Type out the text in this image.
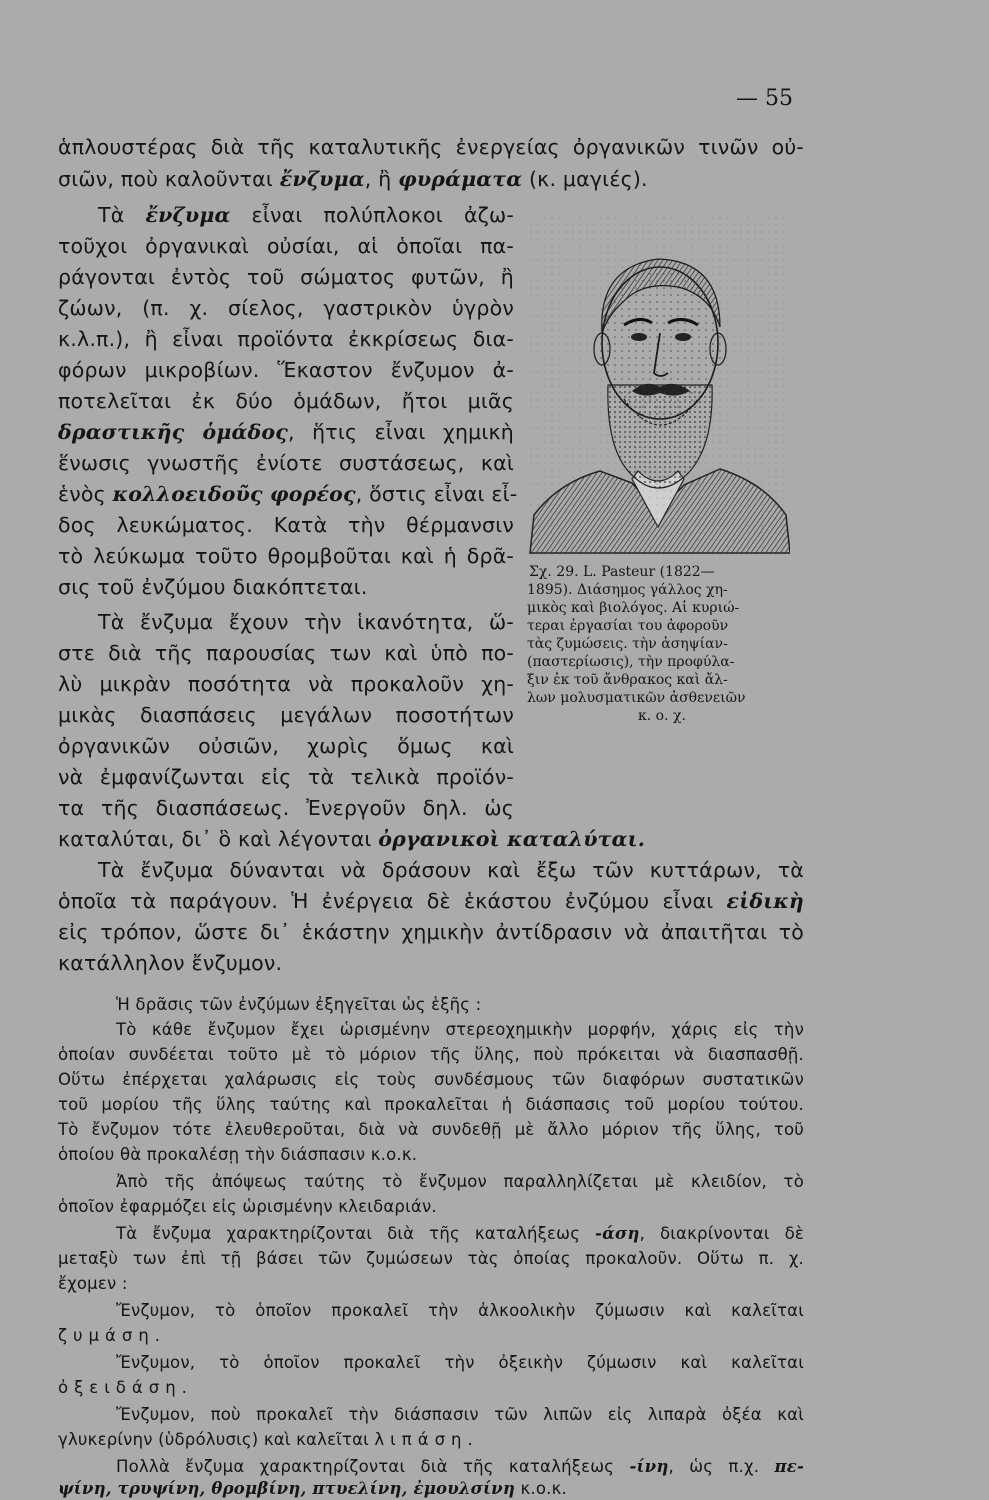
— 55
ἁπλουστέρας διὰ τῆς καταλυτικῆς ἐνεργείας ὀργανικῶν τινῶν οὐ-
σιῶν, ποὺ καλοῦνται ἔνζυμα, ἢ φυράματα (κ. μαγιές).
Τὰ ἔνζυμα εἶναι πολύπλοκοι ἀζω-
τοῦχοι ὀργανικαὶ οὐσίαι, αἱ ὁποῖαι πα-
ράγονται ἐντὸς τοῦ σώματος φυτῶν, ἢ
ζώων, (π. χ. σίελος, γαστρικὸν ὑγρὸν
κ.λ.π.), ἢ εἶναι προϊόντα ἐκκρίσεως δια-
φόρων μικροβίων. Ἕκαστον ἔνζυμον ἀ-
ποτελεῖται ἐκ δύο ὁμάδων, ἤτοι μιᾶς
δραστικῆς ὁμάδος, ἥτις εἶναι χημικὴ
ἕνωσις γνωστῆς ἐνίοτε συστάσεως, καὶ
ἑνὸς κολλοειδοῦς φορέος, ὅστις εἶναι εἶ-
δος λευκώματος. Κατὰ τὴν θέρμανσιν
τὸ λεύκωμα τοῦτο θρομβοῦται καὶ ἡ δρᾶ-
σις τοῦ ἐνζύμου διακόπτεται.
Τὰ ἔνζυμα ἔχουν τὴν ἱκανότητα, ὥ-
στε διὰ τῆς παρουσίας των καὶ ὑπὸ πο-
λὺ μικρὰν ποσότητα νὰ προκαλοῦν χη-
μικὰς διασπάσεις μεγάλων ποσοτήτων
ὀργανικῶν οὐσιῶν, χωρὶς ὅμως καὶ
νὰ ἐμφανίζωνται εἰς τὰ τελικὰ προϊόν-
τα τῆς διασπάσεως. Ἐνεργοῦν δηλ. ὡς
καταλύται, δι᾽ ὃ καὶ λέγονται ὀργανικοὶ καταλύται.
Τὰ ἔνζυμα δύνανται νὰ δράσουν καὶ ἔξω τῶν κυττάρων, τὰ
ὁποῖα τὰ παράγουν. Ἡ ἐνέργεια δὲ ἑκάστου ἐνζύμου εἶναι εἰδικὴ
εἰς τρόπον, ὥστε δι᾽ ἑκάστην χημικὴν ἀντίδρασιν νὰ ἀπαιτῆται τὸ
κατάλληλον ἔνζυμον.
Ἡ δρᾶσις τῶν ἐνζύμων ἐξηγεῖται ὡς ἑξῆς :
Τὸ κάθε ἔνζυμον ἔχει ὡρισμένην στερεοχημικὴν μορφήν, χάρις εἰς τὴν
ὁποίαν συνδέεται τοῦτο μὲ τὸ μόριον τῆς ὕλης, ποὺ πρόκειται νὰ διασπασθῇ.
Οὕτω ἐπέρχεται χαλάρωσις εἰς τοὺς συνδέσμους τῶν διαφόρων συστατικῶν
τοῦ μορίου τῆς ὕλης ταύτης καὶ προκαλεῖται ἡ διάσπασις τοῦ μορίου τούτου.
Τὸ ἔνζυμον τότε ἐλευθεροῦται, διὰ νὰ συνδεθῇ μὲ ἄλλο μόριον τῆς ὕλης, τοῦ
ὁποίου θὰ προκαλέσῃ τὴν διάσπασιν κ.ο.κ.
Ἀπὸ τῆς ἀπόψεως ταύτης τὸ ἔνζυμον παραλληλίζεται μὲ κλειδίον, τὸ
ὁποῖον ἐφαρμόζει εἰς ὡρισμένην κλειδαριάν.
Τὰ ἔνζυμα χαρακτηρίζονται διὰ τῆς καταλήξεως -άση, διακρίνονται δὲ
μεταξὺ των ἐπὶ τῇ βάσει τῶν ζυμώσεων τὰς ὁποίας προκαλοῦν. Οὕτω π. χ.
ἔχομεν :
Ἔνζυμον, τὸ ὁποῖον προκαλεῖ τὴν ἀλκοολικὴν ζύμωσιν καὶ καλεῖται
ζυμάση.
Ἔνζυμον, τὸ ὁποῖον προκαλεῖ τὴν ὀξεικὴν ζύμωσιν καὶ καλεῖται
ὀξειδάση.
Ἔνζυμον, ποὺ προκαλεῖ τὴν διάσπασιν τῶν λιπῶν εἰς λιπαρὰ ὀξέα καὶ
γλυκερίνην (ὑδρόλυσις) καὶ καλεῖται λιπάση.
Πολλὰ ἔνζυμα χαρακτηρίζονται διὰ τῆς καταλήξεως -ίνη, ὡς π.χ. πε-
ψίνη, τρυψίνη, θρομβίνη, πτυελίνη, ἐμουλσίνη κ.ο.κ.
Σχ. 29. L. Pasteur (1822—
1895). Διάσημος γάλλος χη-
μικὸς καὶ βιολόγος. Αἱ κυριώ-
τεραι ἐργασίαι του ἀφοροῦν
τὰς ζυμώσεις. τὴν ἀσηψίαν-
(παστερίωσις), τὴν προφύλα-
ξιν ἐκ τοῦ ἄνθρακος καὶ ἄλ-
λων μολυσματικῶν ἀσθενειῶν
κ. ο. χ.
